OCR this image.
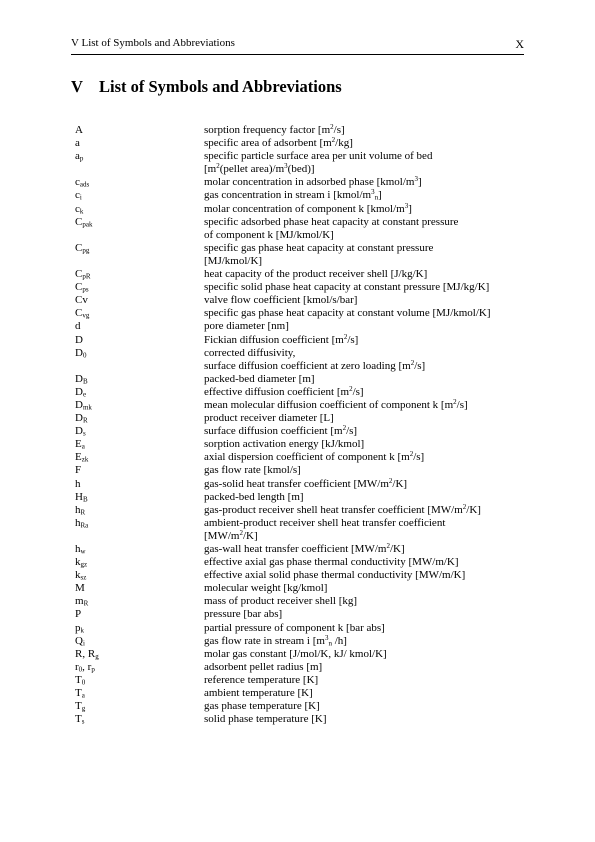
V List of Symbols and Abbreviations	X
V List of Symbols and Abbreviations
A	sorption frequency factor $[m^2/s]$
a	specific area of adsorbent $[m^2/kg]$
$a_p$	specific particle surface area per unit volume of bed
[$m^2(pellet$ $area)/m^3(bed)$]
$c_{ads}$	molar concentration in adsorbed phase $[kmol/m^3]$
$c_i$	gas concentration in stream i $[kmol/m^3_n]$
$c_k$	molar concentration of component k $[kmol/m^3]$
$C_{pak}$	specific adsorbed phase heat capacity at constant pressure
of component k [MJ/kmol/K]
$C_{pg}$	specific gas phase heat capacity at constant pressure
[MJ/kmol/K]
$C_{pR}$	heat capacity of the product receiver shell [J/kg/K]
$C_{ps}$	specific solid phase heat capacity at constant pressure [MJ/kg/K]
Cv	valve flow coefficient [kmol/s/bar]
$C_{vg}$	specific gas phase heat capacity at constant volume [MJ/kmol/K]
d	pore diameter [nm]
D	Fickian diffusion coefficient $[m^2/s]$
$D_0$	corrected diffusivity,
surface diffusion coefficient at zero loading $[m^2/s]$
$D_B$	packed-bed diameter [m]
$D_e$	effective diffusion coefficient $[m^2/s]$
$D_{mk}$	mean molecular diffusion coefficient of component k $[m^2/s]$
$D_R$	product receiver diameter [L]
$D_s$	surface diffusion coefficient $[m^2/s]$
$E_a$	sorption activation energy [kJ/kmol]
$E_{zk}$	axial dispersion coefficient of component k $[m^2/s]$
F	gas flow rate [kmol/s]
h	gas-solid heat transfer coefficient $[MW/m^2/K]$
$H_B$	packed-bed length [m]
$h_R$	gas-product receiver shell heat transfer coefficient $[MW/m^2/K]$
$h_{Ra}$	ambient-product receiver shell heat transfer coefficient
$[MW/m^2/K]$
$h_w$	gas-wall heat transfer coefficient $[MW/m^2/K]$
$k_{gz}$	effective axial gas phase thermal conductivity [MW/m/K]
$k_{sz}$	effective axial solid phase thermal conductivity [MW/m/K]
M	molecular weight [kg/kmol]
$m_R$	mass of product receiver shell [kg]
P	pressure [bar abs]
$p_k$	partial pressure of component k [bar abs]
$Q_i$	gas flow rate in stream i [$m^3_n$ /h]
R, $R_g$	molar gas constant [J/mol/K, kJ/ kmol/K]
$r_0$, $r_p$	adsorbent pellet radius [m]
$T_0$	reference temperature [K]
$T_a$	ambient temperature [K]
$T_g$	gas phase temperature [K]
$T_s$	solid phase temperature [K]
